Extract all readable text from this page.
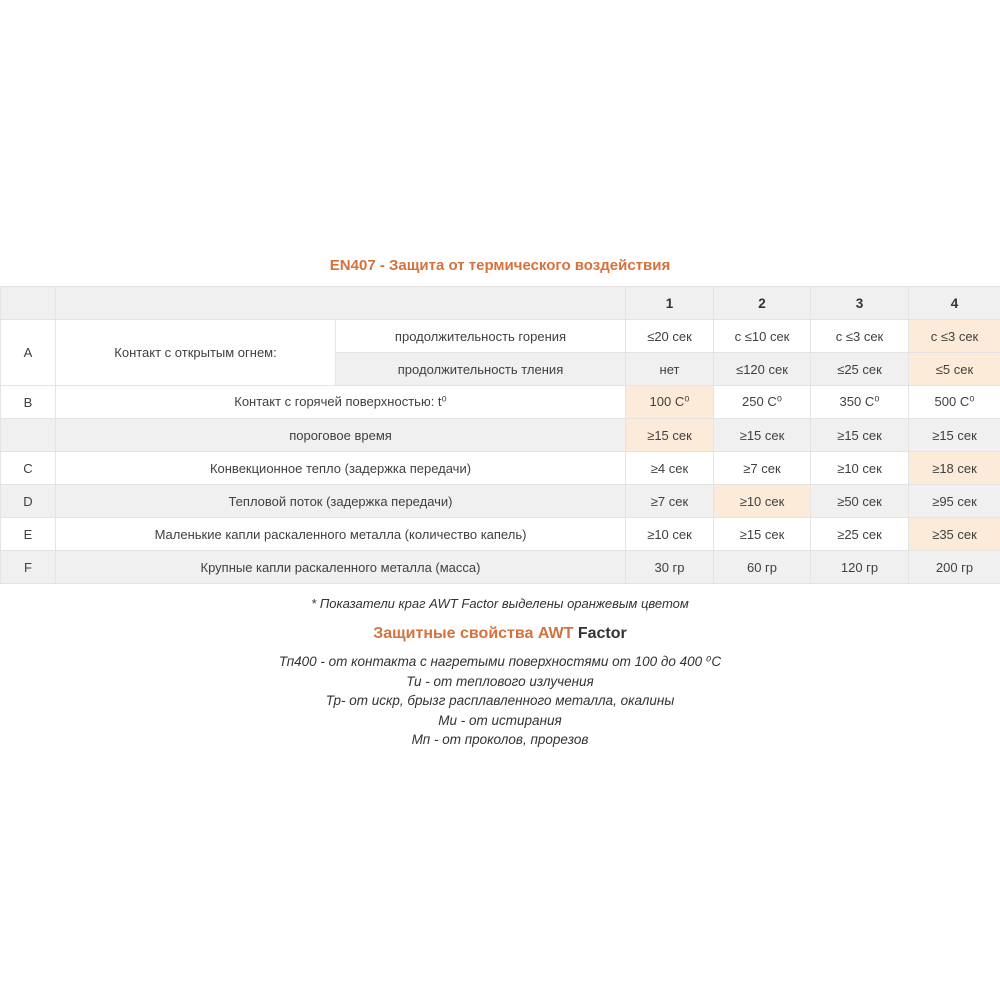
EN407 - Защита от термического воздействия
			1	2	3	4
A	Контакт с открытым огнем:	продолжительность горения	≤20 сек	с ≤10 сек	с ≤3 сек	с ≤3 сек
		продолжительность тления	нет	≤120 сек	≤25 сек	≤5 сек
B	Контакт с горячей поверхностью: t⁰		100 C⁰	250 C⁰	350 C⁰	500 C⁰
	пороговое время		≥15 сек	≥15 сек	≥15 сек	≥15 сек
C	Конвекционное тепло (задержка передачи)		≥4 сек	≥7 сек	≥10 сек	≥18 сек
D	Тепловой поток (задержка передачи)		≥7 сек	≥10 сек	≥50 сек	≥95 сек
E	Маленькие капли раскаленного металла (количество капель)		≥10 сек	≥15 сек	≥25 сек	≥35 сек
F	Крупные капли раскаленного металла (масса)		30 гр	60 гр	120 гр	200 гр
* Показатели краг AWT Factor выделены оранжевым цветом
Защитные свойства AWT Factor
Тп400 - от контакта с нагретыми поверхностями от 100 до 400 ⁰С
Ти - от теплового излучения
Тр- от искр, брызг расплавленного металла, окалины
Ми - от истирания
Мп - от проколов, прорезов
